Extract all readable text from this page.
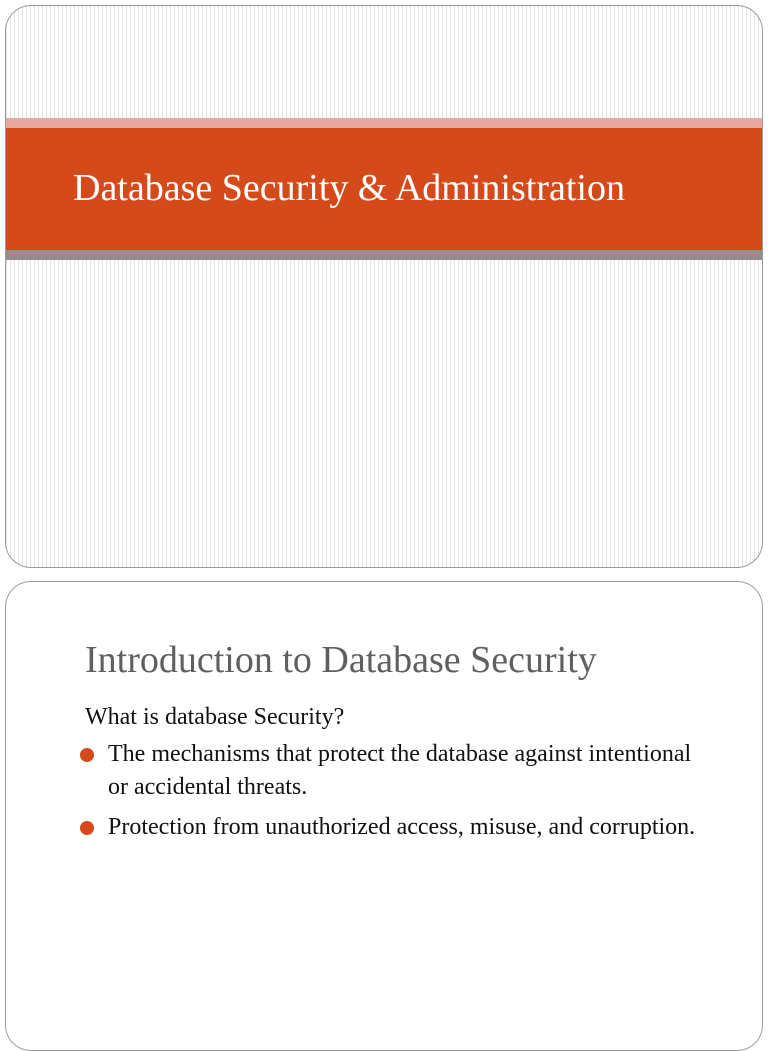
Database Security & Administration
Introduction to Database Security

What is database Security?

The mechanisms that protect the database against intentional or accidental threats.
Protection from unauthorized access, misuse, and corruption.
